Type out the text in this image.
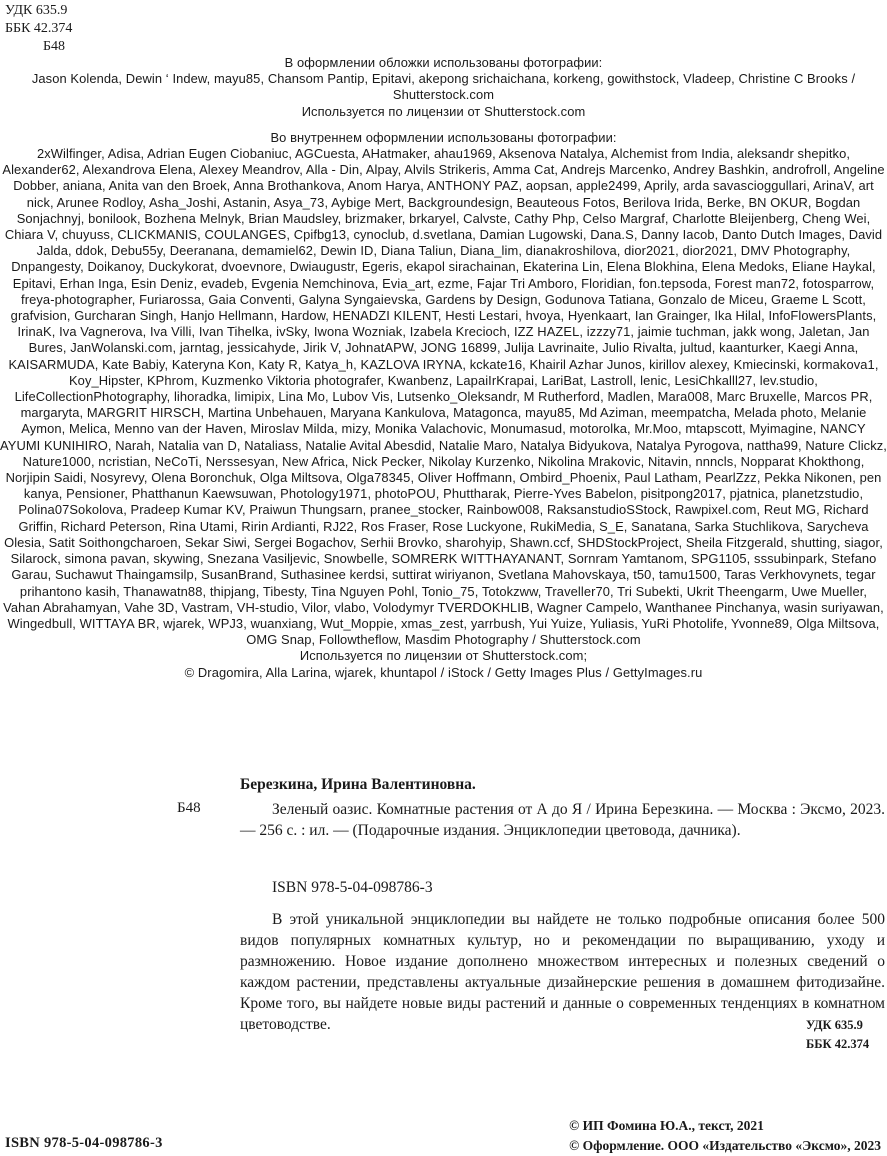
УДК 635.9
ББК 42.374
Б48

В оформлении обложки использованы фотографии:

Jason Kolenda, Dewin ‘ Indew, mayu85, Chansom Pantip, Epitavi, akepong srichaichana, korkeng, gowithstock, Vladeep, Christine C Brooks / Shutterstock.com

Используется по лицензии от Shutterstock.com

Во внутреннем оформлении использованы фотографии:

2xWilfinger, Adisa, Adrian Eugen Ciobaniuc, AGCuesta, AHatmaker, ahau1969, Aksenova Natalya, Alchemist from India, aleksandr shepitko, Alexander62, Alexandrova Elena, Alexey Meandrov, Alla - Din, Alpay, Alvils Strikeris, Amma Cat, Andrejs Marcenko, Andrey Bashkin, androfroll, Angeline Dobber, aniana, Anita van den Broek, Anna Brothankova, Anom Harya, ANTHONY PAZ, aopsan, apple2499, Aprily, arda savascioggullari, ArinaV, art nick, Arunee Rodloy, Asha_Joshi, Astanin, Asya_73, Aybige Mert, Backgroundesign, Beauteous Fotos, Berilova Irida, Berke, BN OKUR, Bogdan Sonjachnyj, bonilook, Bozhena Melnyk, Brian Maudsley, brizmaker, brkaryel, Calvste, Cathy Php, Celso Margraf, Charlotte Bleijenberg, Cheng Wei, Chiara V, chuyuss, CLICKMANIS, COULANGES, Cpifbg13, cynoclub, d.svetlana, Damian Lugowski, Dana.S, Danny Iacob, Danto Dutch Images, David Jalda, ddok, Debu55y, Deeranana, demamiel62, Dewin ID, Diana Taliun, Diana_lim, dianakroshilova, dior2021, dior2021, DMV Photography, Dnpangesty, Doikanoy, Duckykorat, dvoevnore, Dwiaugustr, Egeris, ekapol sirachainan, Ekaterina Lin, Elena Blokhina, Elena Medoks, Eliane Haykal, Epitavi, Erhan Inga, Esin Deniz, evadeb, Evgenia Nemchinova, Evia_art, ezme, Fajar Tri Amboro, Floridian, fon.tepsoda, Forest man72, fotosparrow, freya-photographer, Furiarossa, Gaia Conventi, Galyna Syngaievska, Gardens by Design, Godunova Tatiana, Gonzalo de Miceu, Graeme L Scott, grafvision, Gurcharan Singh, Hanjo Hellmann, Hardow, HENADZI KILENT, Hesti Lestari, hvoya, Hyenkaart, Ian Grainger, Ika Hilal, InfoFlowersPlants, IrinaK, Iva Vagnerova, Iva Villi, Ivan Tihelka, ivSky, Iwona Wozniak, Izabela Krecioch, IZZ HAZEL, izzzy71, jaimie tuchman, jakk wong, Jaletan, Jan Bures, JanWolanski.com, jarntag, jessicahyde, Jirik V, JohnatAPW, JONG 16899, Julija Lavrinaite, Julio Rivalta, jultud, kaanturker, Kaegi Anna, KAISARMUDA, Kate Babiy, Kateryna Kon, Katy R, Katya_h, KAZLOVA IRYNA, kckate16, Khairil Azhar Junos, kirillov alexey, Kmiecinski, kormakova1, Koy_Hipster, KPhrom, Kuzmenko Viktoria photografer, Kwanbenz, LapaiIrKrapai, LariBat, Lastroll, lenic, LesiChkalll27, lev.studio, LifeCollectionPhotography, lihoradka, limipix, Lina Mo, Lubov Vis, Lutsenko_Oleksandr, M Rutherford, Madlen, Mara008, Marc Bruxelle, Marcos PR, margaryta, MARGRIT HIRSCH, Martina Unbehauen, Maryana Kankulova, Matagonca, mayu85, Md Aziman, meempatcha, Melada photo, Melanie Aymon, Melica, Menno van der Haven, Miroslav Milda, mizy, Monika Valachovic, Monumasud, motorolka, Mr.Moo, mtapscott, Myimagine, NANCY AYUMI KUNIHIRO, Narah, Natalia van D, Nataliass, Natalie Avital Abesdid, Natalie Maro, Natalya Bidyukova, Natalya Pyrogova, nattha99, Nature Clickz, Nature1000, ncristian, NeCoTi, Nerssesyan, New Africa, Nick Pecker, Nikolay Kurzenko, Nikolina Mrakovic, Nitavin, nnncls, Nopparat Khokthong, Norjipin Saidi, Nosyrevy, Olena Boronchuk, Olga Miltsova, Olga78345, Oliver Hoffmann, Ombird_Phoenix, Paul Latham, PearlZzz, Pekka Nikonen, pen kanya, Pensioner, Phatthanun Kaewsuwan, Photology1971, photoPOU, Phuttharak, Pierre-Yves Babelon, pisitpong2017, pjatnica, planetzstudio, Polina07Sokolova, Pradeep Kumar KV, Praiwun Thungsarn, pranee_stocker, Rainbow008, RaksanstudioSStock, Rawpixel.com, Reut MG, Richard Griffin, Richard Peterson, Rina Utami, Ririn Ardianti, RJ22, Ros Fraser, Rose Luckyone, RukiMedia, S_E, Sanatana, Sarka Stuchlikova, Sarycheva Olesia, Satit Soithongcharoen, Sekar Siwi, Sergei Bogachov, Serhii Brovko, sharohyip, Shawn.ccf, SHDStockProject, Sheila Fitzgerald, shutting, siagor, Silarock, simona pavan, skywing, Snezana Vasiljevic, Snowbelle, SOMRERK WITTHAYANANT, Sornram Yamtanom, SPG1105, sssubinpark, Stefano Garau, Suchawut Thaingamsilp, SusanBrand, Suthasinee kerdsi, suttirat wiriyanon, Svetlana Mahovskaya, t50, tamu1500, Taras Verkhovynets, tegar prihantono kasih, Thanawatn88, thipjang, Tibesty, Tina Nguyen Pohl, Tonio_75, Totokzww, Traveller70, Tri Subekti, Ukrit Theengarm, Uwe Mueller, Vahan Abrahamyan, Vahe 3D, Vastram, VH-studio, Vilor, vlabo, Volodymyr TVERDOKHLIB, Wagner Campelo, Wanthanee Pinchanya, wasin suriyawan, Wingedbull, WITTAYA BR, wjarek, WPJ3, wuanxiang, Wut_Moppie, xmas_zest, yarrbush, Yui Yuize, Yuliasis, YuRi Photolife, Yvonne89, Olga Miltsova, OMG Snap, Followtheflow, Masdim Photography / Shutterstock.com

Используется по лицензии от Shutterstock.com;

© Dragomira, Alla Larina, wjarek, khuntapol / iStock / Getty Images Plus / GettyImages.ru

Березкина, Ирина Валентиновна.
Б48	Зеленый оазис. Комнатные растения от А до Я / Ирина Березкина. — Москва : Эксмо, 2023. — 256 с. : ил. — (Подарочные издания. Энциклопедии цветовода, дачника).
ISBN 978-5-04-098786-3
В этой уникальной энциклопедии вы найдете не только подробные описания более 500 видов популярных комнатных культур, но и рекомендации по выращиванию, уходу и размножению. Новое издание дополнено множеством интересных и полезных сведений о каждом растении, представлены актуальные дизайнерские решения в домашнем фитодизайне. Кроме того, вы найдете новые виды растений и данные о современных тенденциях в комнатном цветоводстве.	УДК 635.9
ББК 42.374
ISBN 978-5-04-098786-3
© ИП Фомина Ю.А., текст, 2021
© Оформление. ООО «Издательство «Эксмо», 2023
